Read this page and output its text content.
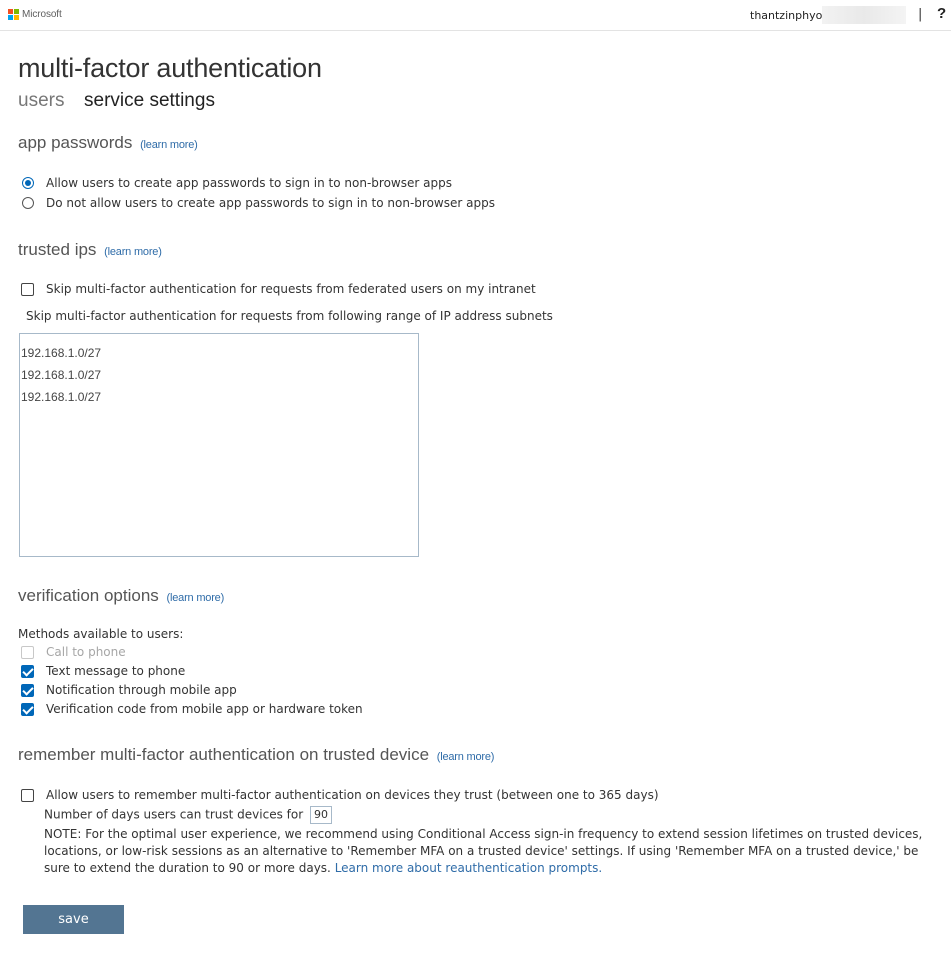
Microsoft	thantzinphyo	| ?
multi-factor authentication
users service settings
app passwords (learn more)
Allow users to create app passwords to sign in to non-browser apps
Do not allow users to create app passwords to sign in to non-browser apps
trusted ips (learn more)
Skip multi-factor authentication for requests from federated users on my intranet
Skip multi-factor authentication for requests from following range of IP address subnets
192.168.1.0/27
192.168.1.0/27
192.168.1.0/27
verification options (learn more)
Methods available to users:
Call to phone
Text message to phone
Notification through mobile app
Verification code from mobile app or hardware token
remember multi-factor authentication on trusted device (learn more)
Allow users to remember multi-factor authentication on devices they trust (between one to 365 days)
Number of days users can trust devices for 90
NOTE: For the optimal user experience, we recommend using Conditional Access sign-in frequency to extend session lifetimes on trusted devices, locations, or low-risk sessions as an alternative to 'Remember MFA on a trusted device' settings. If using 'Remember MFA on a trusted device,' be sure to extend the duration to 90 or more days. Learn more about reauthentication prompts.
save
